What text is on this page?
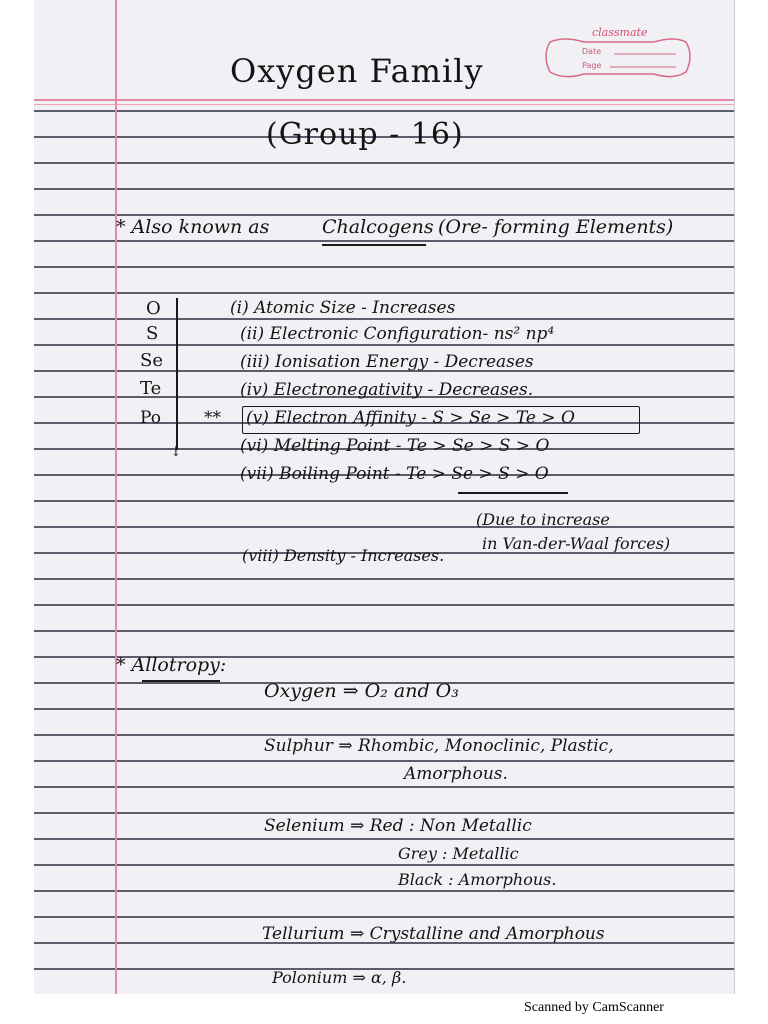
classmate
Date
Page
Oxygen Family
(Group - 16)
* Also known as	Chalcogens (Ore- forming Elements)
O
S
Se
Te
Po
↓
(i) Atomic Size - Increases
(ii) Electronic Configuration- ns² np⁴
(iii) Ionisation Energy - Decreases
(iv) Electronegativity - Decreases.
** (v) Electron Affinity - S > Se > Te > O
(vi) Melting Point - Te > Se > S > O
(vii) Boiling Point - Te > Se > S > O
(Due to increase
in Van-der-Waal forces)
(viii) Density - Increases.
* Allotropy:
Oxygen ⇒ O₂ and O₃
Sulphur ⇒ Rhombic, Monoclinic, Plastic,
Amorphous.
Selenium ⇒ Red : Non Metallic
Grey : Metallic
Black : Amorphous.
Tellurium ⇒ Crystalline and Amorphous
Polonium ⇒ α, β.
Scanned by CamScanner
